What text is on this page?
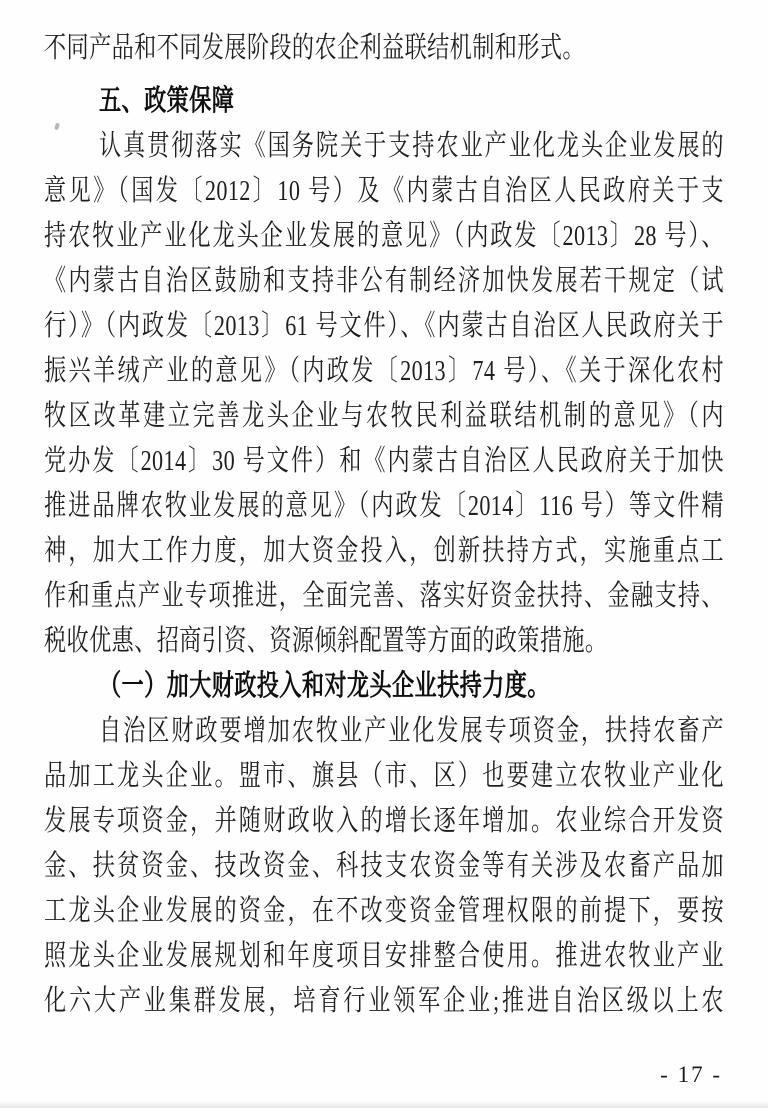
不同产品和不同发展阶段的农企利益联结机制和形式。
五、政策保障
认真贯彻落实《国务院关于支持农业产业化龙头企业发展的
意见》（国发〔2012〕10 号）及《内蒙古自治区人民政府关于支
持农牧业产业化龙头企业发展的意见》（内政发〔2013〕28 号）、
《内蒙古自治区鼓励和支持非公有制经济加快发展若干规定（试
行）》（内政发〔2013〕61 号文件）、《内蒙古自治区人民政府关于
振兴羊绒产业的意见》（内政发〔2013〕74 号）、《关于深化农村
牧区改革建立完善龙头企业与农牧民利益联结机制的意见》（内
党办发〔2014〕30 号文件）和《内蒙古自治区人民政府关于加快
推进品牌农牧业发展的意见》（内政发〔2014〕116 号）等文件精
神，加大工作力度，加大资金投入，创新扶持方式，实施重点工
作和重点产业专项推进，全面完善、落实好资金扶持、金融支持、
税收优惠、招商引资、资源倾斜配置等方面的政策措施。
（一）加大财政投入和对龙头企业扶持力度。
自治区财政要增加农牧业产业化发展专项资金，扶持农畜产
品加工龙头企业。盟市、旗县（市、区）也要建立农牧业产业化
发展专项资金，并随财政收入的增长逐年增加。农业综合开发资
金、扶贫资金、技改资金、科技支农资金等有关涉及农畜产品加
工龙头企业发展的资金，在不改变资金管理权限的前提下，要按
照龙头企业发展规划和年度项目安排整合使用。推进农牧业产业
化六大产业集群发展，培育行业领军企业;推进自治区级以上农
- 17 -
